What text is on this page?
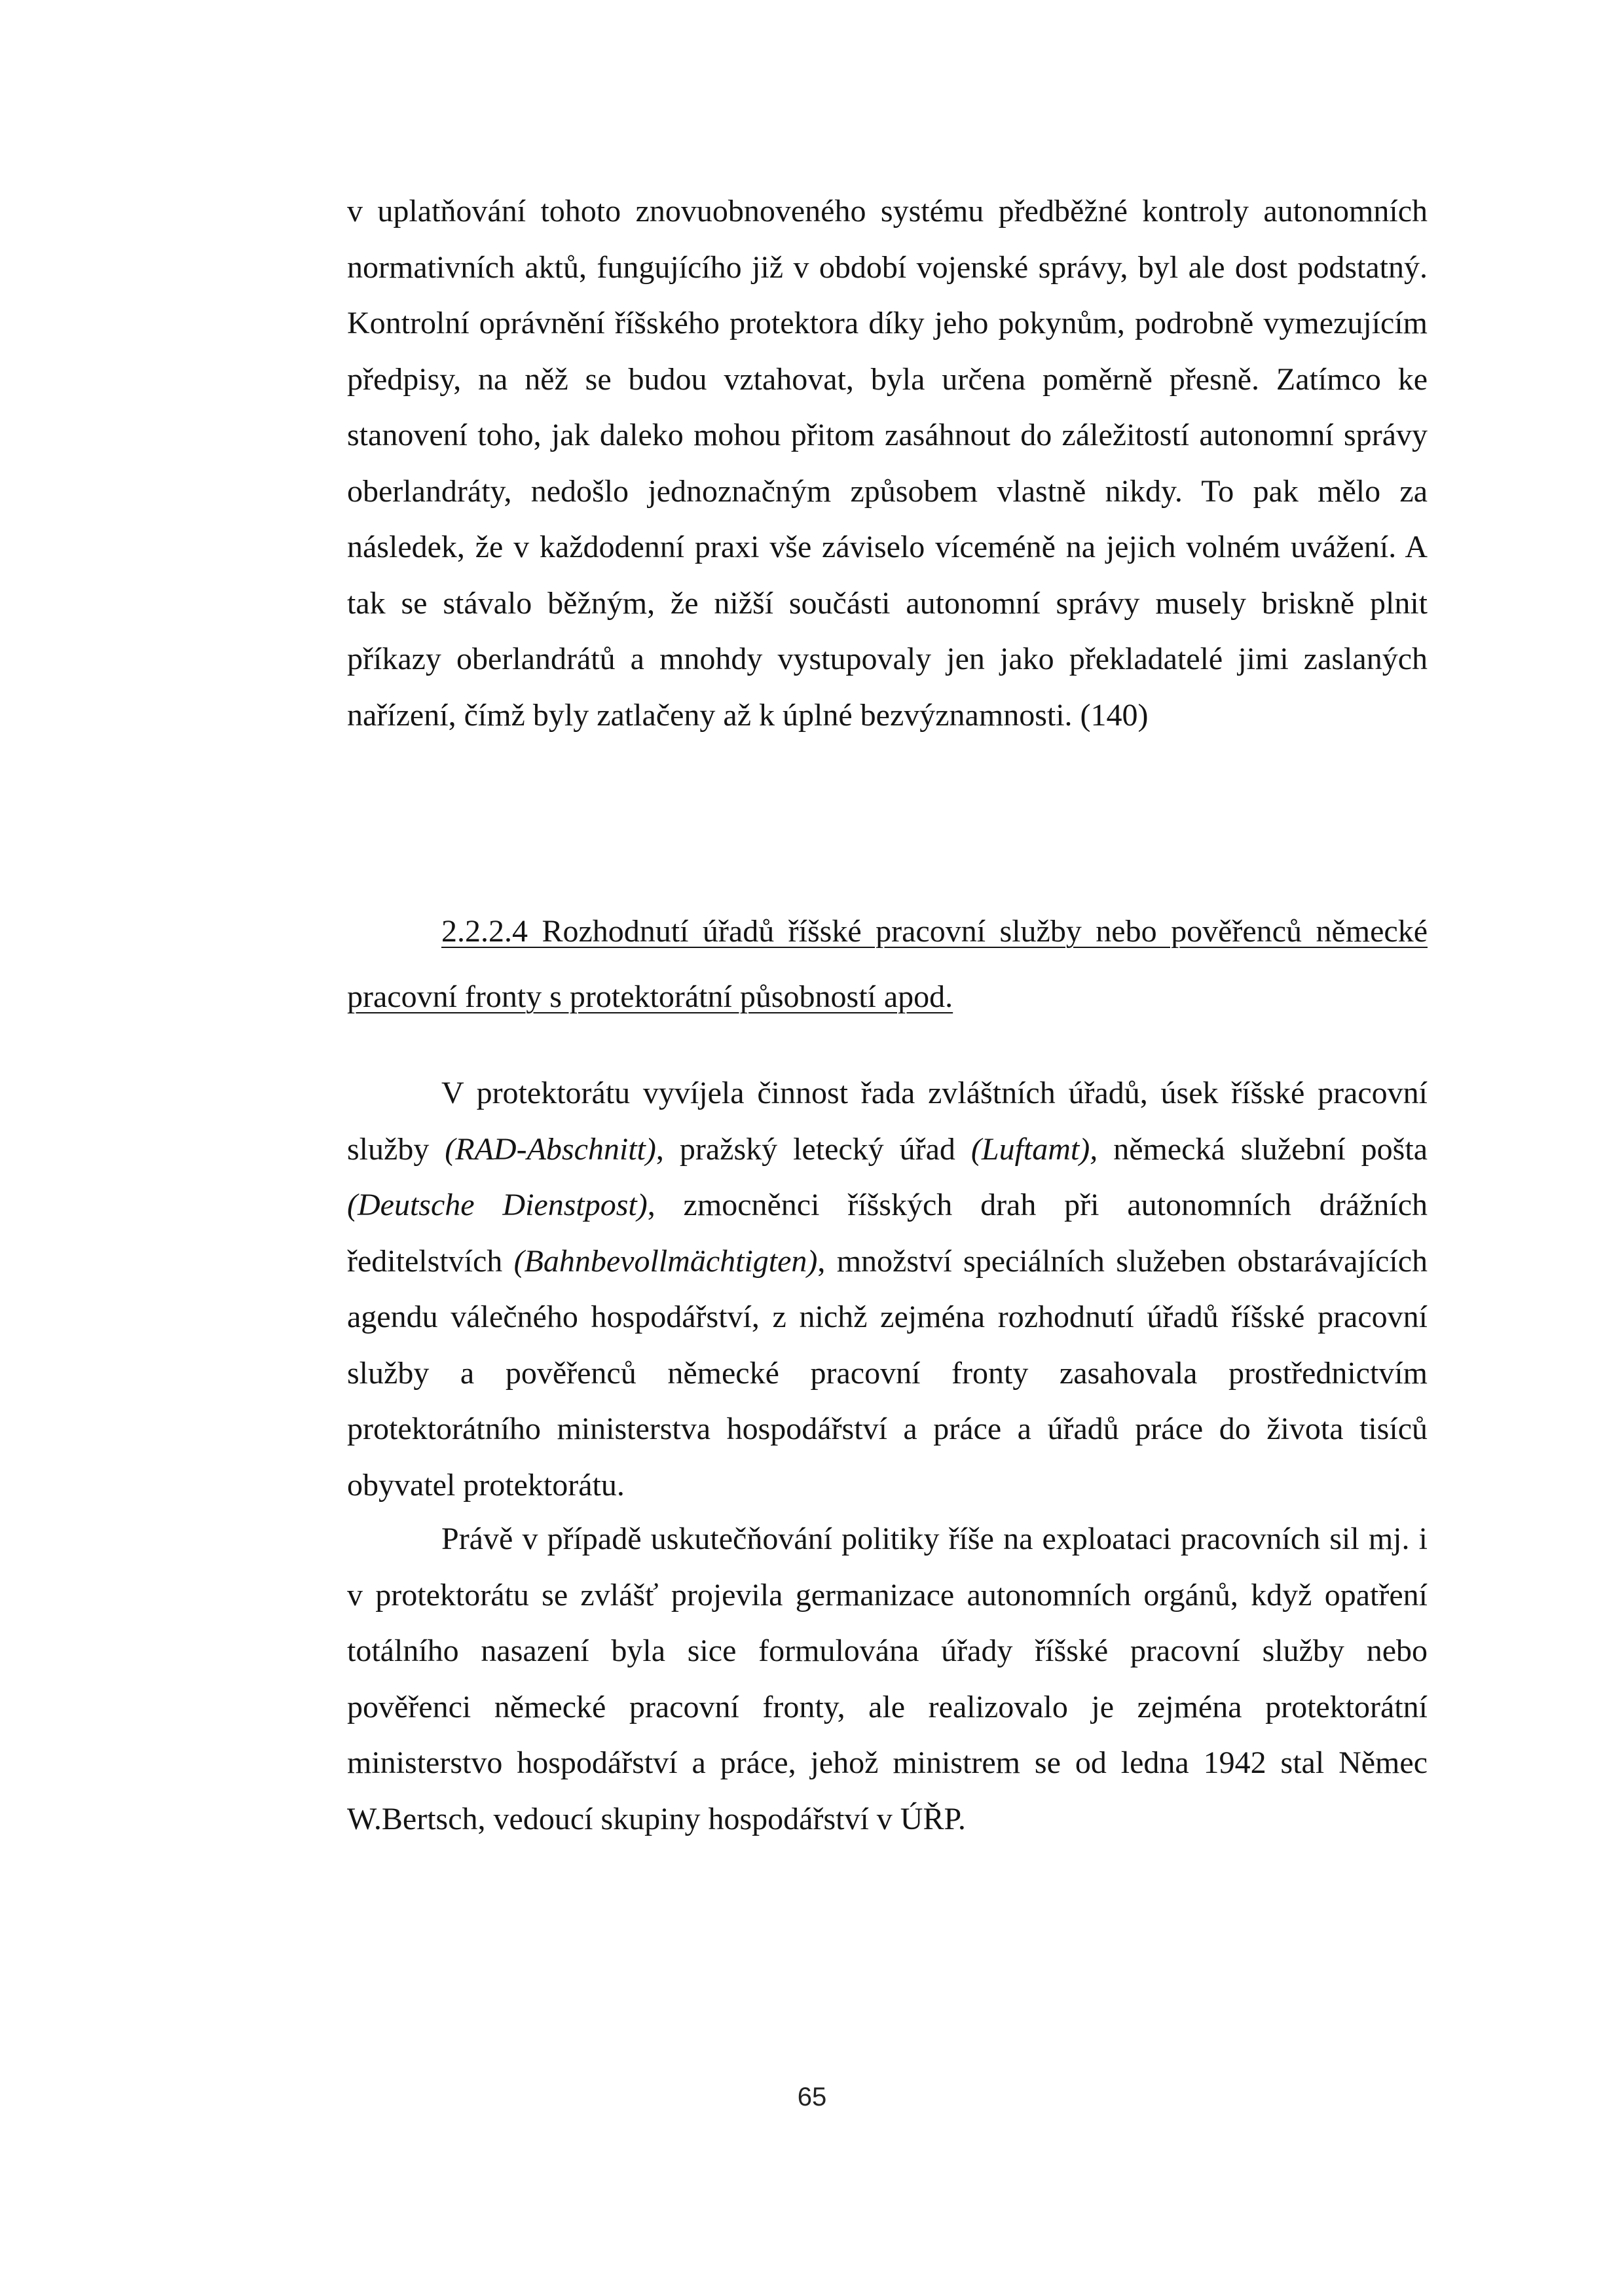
v uplatňování tohoto znovuobnoveného systému předběžné kontroly autonomních normativních aktů, fungujícího již v období vojenské správy, byl ale dost podstatný. Kontrolní oprávnění říšského protektora díky jeho pokynům, podrobně vymezujícím předpisy, na něž se budou vztahovat, byla určena poměrně přesně. Zatímco ke stanovení toho, jak daleko mohou přitom zasáhnout do záležitostí autonomní správy oberlandráty, nedošlo jednoznačným způsobem vlastně nikdy. To pak mělo za následek, že v každodenní praxi vše záviselo víceméně na jejich volném uvážení. A tak se stávalo běžným, že nižší součásti autonomní správy musely briskně plnit příkazy oberlandrátů a mnohdy vystupovaly jen jako překladatelé jimi zaslaných nařízení, čímž byly zatlačeny až k úplné bezvýznamnosti. (140)

2.2.2.4 Rozhodnutí úřadů říšské pracovní služby nebo pověřenců německé pracovní fronty s protektorátní působností apod.

V protektorátu vyvíjela činnost řada zvláštních úřadů, úsek říšské pracovní služby (RAD-Abschnitt), pražský letecký úřad (Luftamt), německá služební pošta (Deutsche Dienstpost), zmocněnci říšských drah při autonomních drážních ředitelstvích (Bahnbevollmächtigten), množství speciálních služeben obstarávajících agendu válečného hospodářství, z nichž zejména rozhodnutí úřadů říšské pracovní služby a pověřenců německé pracovní fronty zasahovala prostřednictvím protektorátního ministerstva hospodářství a práce a úřadů práce do života tisíců obyvatel protektorátu.

Právě v případě uskutečňování politiky říše na exploataci pracovních sil mj. i v protektorátu se zvlášť projevila germanizace autonomních orgánů, když opatření totálního nasazení byla sice formulována úřady říšské pracovní služby nebo pověřenci německé pracovní fronty, ale realizovalo je zejména protektorátní ministerstvo hospodářství a práce, jehož ministrem se od ledna 1942 stal Němec W.Bertsch, vedoucí skupiny hospodářství v ÚŘP.

65
